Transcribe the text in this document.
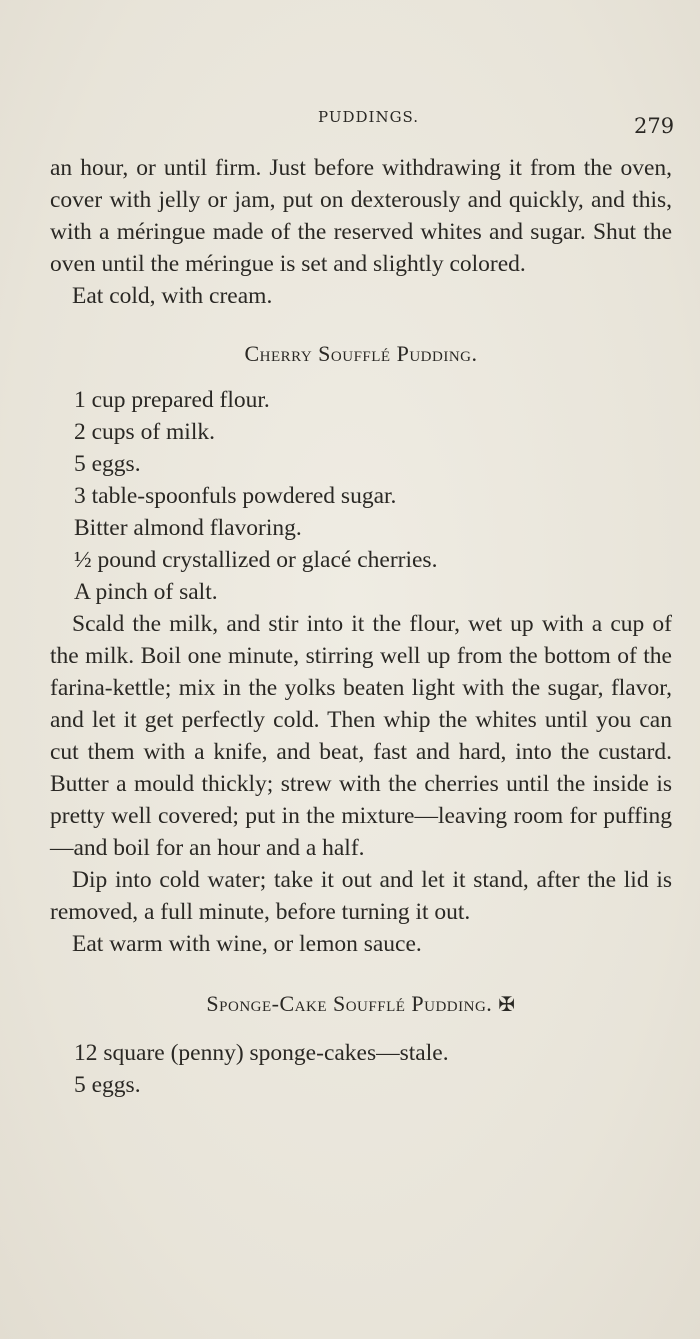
PUDDINGS.	279

an hour, or until firm. Just before withdrawing it from the oven, cover with jelly or jam, put on dexterously and quickly, and this, with a méringue made of the reserved whites and sugar. Shut the oven until the méringue is set and slightly colored.

Eat cold, with cream.

Cherry Soufflé Pudding.
1 cup prepared flour.
2 cups of milk.
5 eggs.
3 table-spoonfuls powdered sugar.
Bitter almond flavoring.
½ pound crystallized or glacé cherries.
A pinch of salt.

Scald the milk, and stir into it the flour, wet up with a cup of the milk. Boil one minute, stirring well up from the bottom of the farina-kettle; mix in the yolks beaten light with the sugar, flavor, and let it get perfectly cold. Then whip the whites until you can cut them with a knife, and beat, fast and hard, into the custard. Butter a mould thickly; strew with the cherries until the inside is pretty well covered; put in the mixture—leaving room for puffing—and boil for an hour and a half.

Dip into cold water; take it out and let it stand, after the lid is removed, a full minute, before turning it out.

Eat warm with wine, or lemon sauce.

Sponge-Cake Soufflé Pudding. ✠
12 square (penny) sponge-cakes—stale.
5 eggs.
